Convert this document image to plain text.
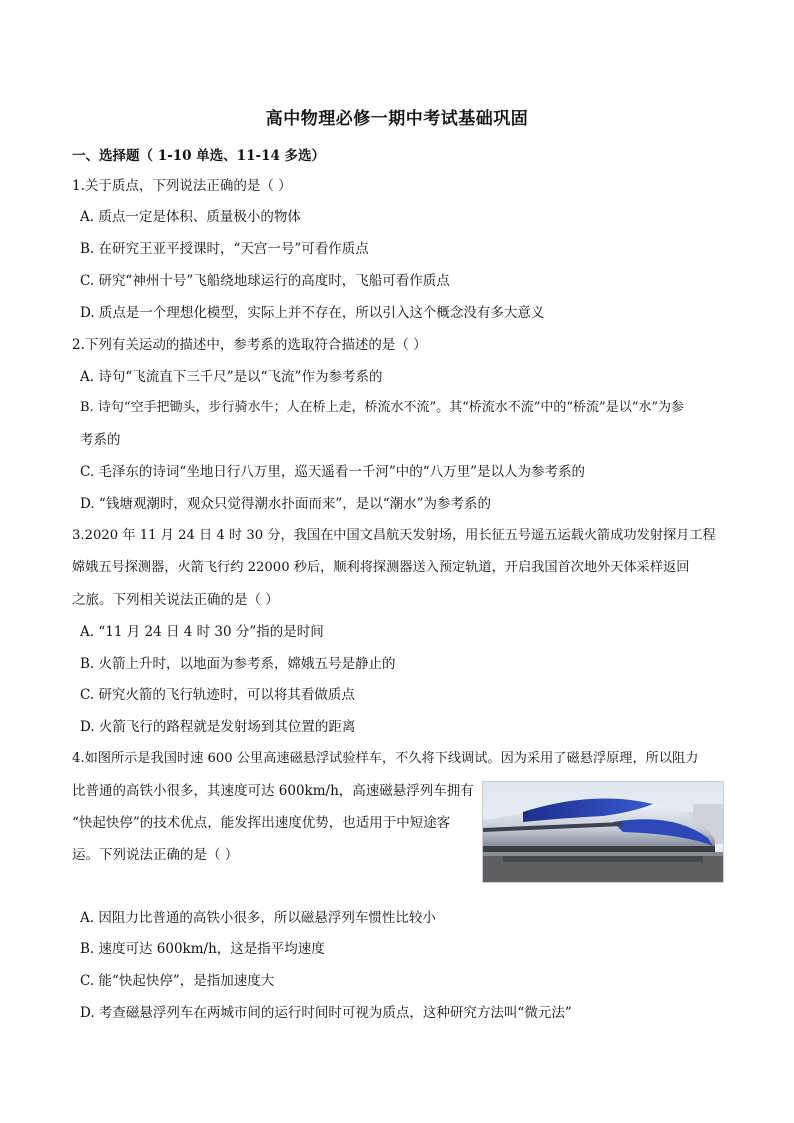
高中物理必修一期中考试基础巩固
一、选择题（ 1-10 单选、11-14 多选）
1.关于质点，下列说法正确的是（ ）
A. 质点一定是体积、质量极小的物体
B. 在研究王亚平授课时，“天宫一号”可看作质点
C. 研究“神州十号”飞船绕地球运行的高度时，飞船可看作质点
D. 质点是一个理想化模型，实际上并不存在，所以引入这个概念没有多大意义
2.下列有关运动的描述中，参考系的选取符合描述的是（ ）
A. 诗句“飞流直下三千尺”是以“飞流”作为参考系的
B. 诗句“空手把锄头，步行骑水牛；人在桥上走，桥流水不流”。其“桥流水不流”中的“桥流”是以“水”为参
考系的
C. 毛泽东的诗词“坐地日行八万里，巡天遥看一千河”中的“八万里”是以人为参考系的
D. “钱塘观潮时，观众只觉得潮水扑面而来”，是以“潮水”为参考系的
3.2020 年 11 月 24 日 4 时 30 分，我国在中国文昌航天发射场，用长征五号遥五运载火箭成功发射探月工程
嫦娥五号探测器，火箭飞行约 22000 秒后，顺利将探测器送入预定轨道，开启我国首次地外天体采样返回
之旅。下列相关说法正确的是（ ）
A. “11 月 24 日 4 时 30 分”指的是时间
B. 火箭上升时，以地面为参考系，嫦娥五号是静止的
C. 研究火箭的飞行轨迹时，可以将其看做质点
D. 火箭飞行的路程就是发射场到其位置的距离
4.如图所示是我国时速 600 公里高速磁悬浮试验样车，不久将下线调试。因为采用了磁悬浮原理，所以阻力
比普通的高铁小很多，其速度可达 600km/h，高速磁悬浮列车拥有
“快起快停”的技术优点，能发挥出速度优势，也适用于中短途客
运。下列说法正确的是（ ）
A. 因阻力比普通的高铁小很多，所以磁悬浮列车惯性比较小
B. 速度可达 600km/h，这是指平均速度
C. 能“快起快停”，是指加速度大
D. 考查磁悬浮列车在两城市间的运行时间时可视为质点，这种研究方法叫“微元法”
